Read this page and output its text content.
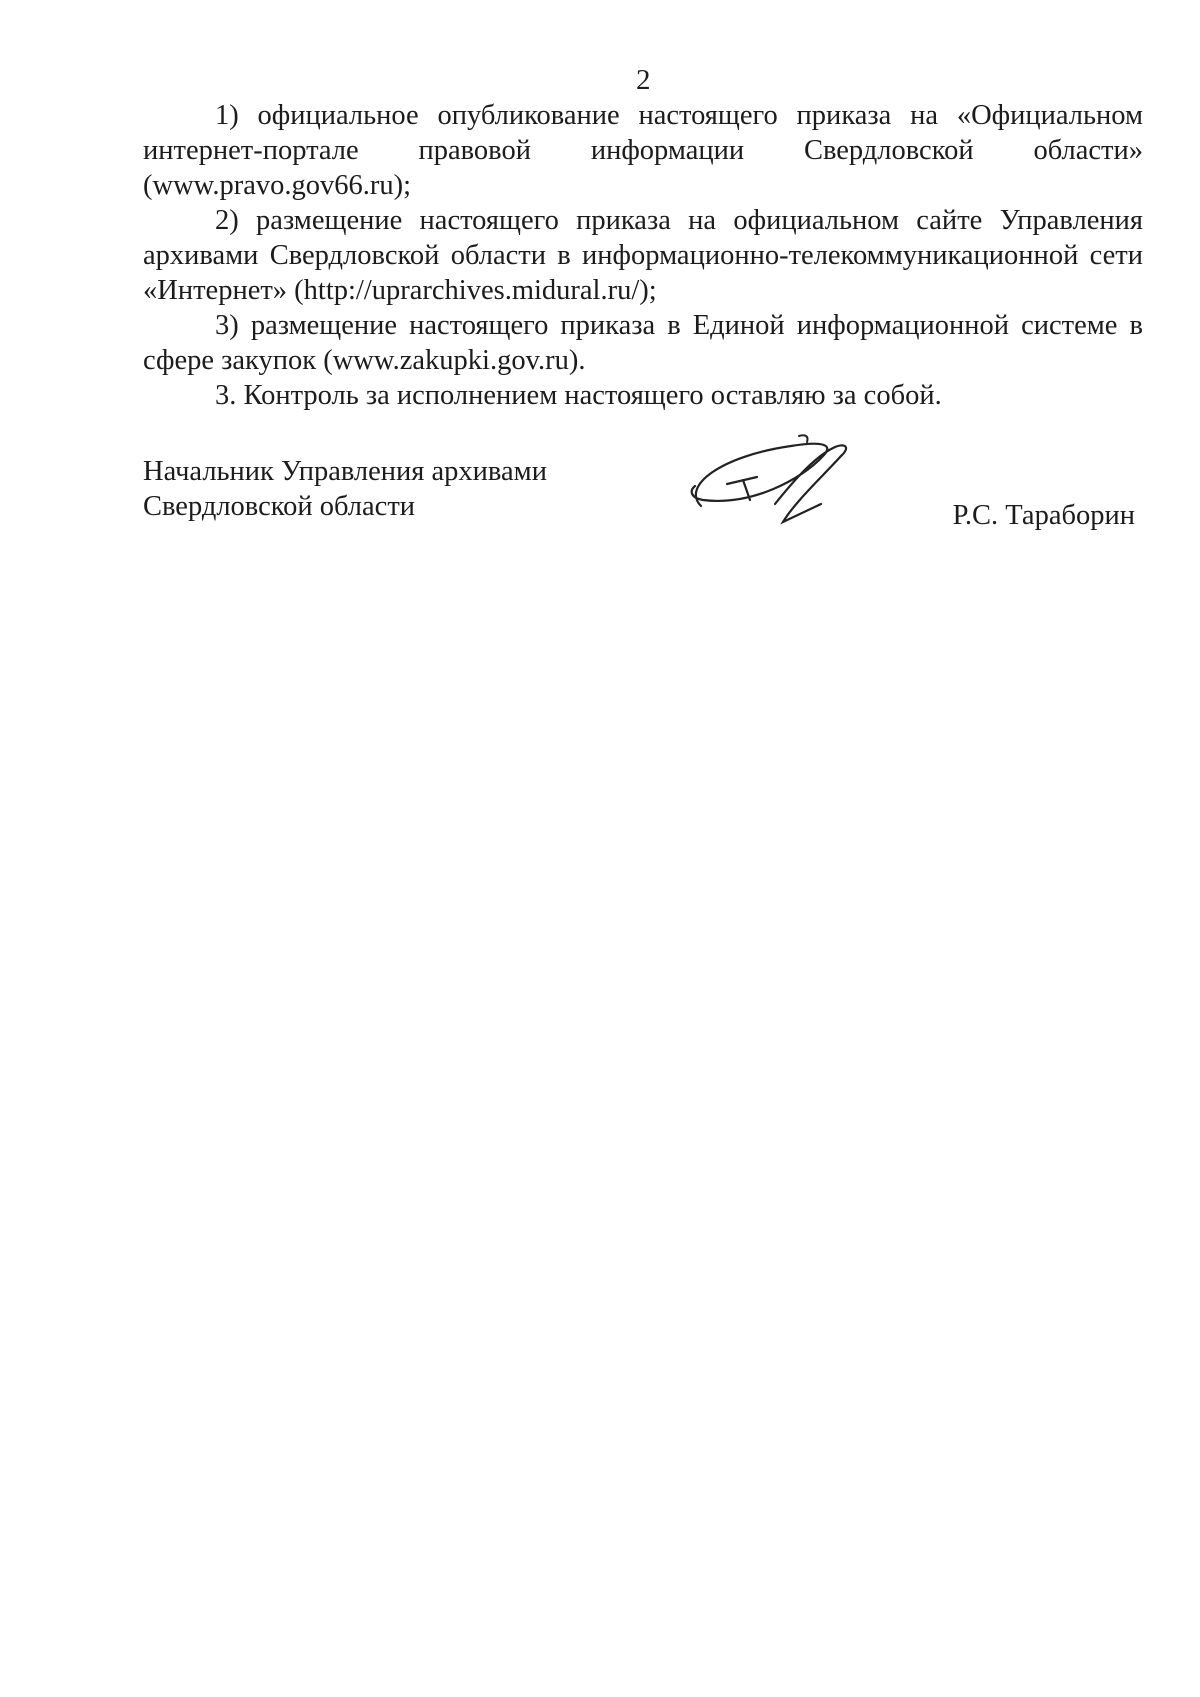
2

1) официальное опубликование настоящего приказа на «Официальном интернет-портале правовой информации Свердловской области» (www.pravo.gov66.ru);

2) размещение настоящего приказа на официальном сайте Управления архивами Свердловской области в информационно-телекоммуникационной сети «Интернет» (http://uprarchives.midural.ru/);

3) размещение настоящего приказа в Единой информационной системе в сфере закупок (www.zakupki.gov.ru).

3. Контроль за исполнением настоящего оставляю за собой.

Начальник Управления архивами
Свердловской области	Р.С. Тараборин
